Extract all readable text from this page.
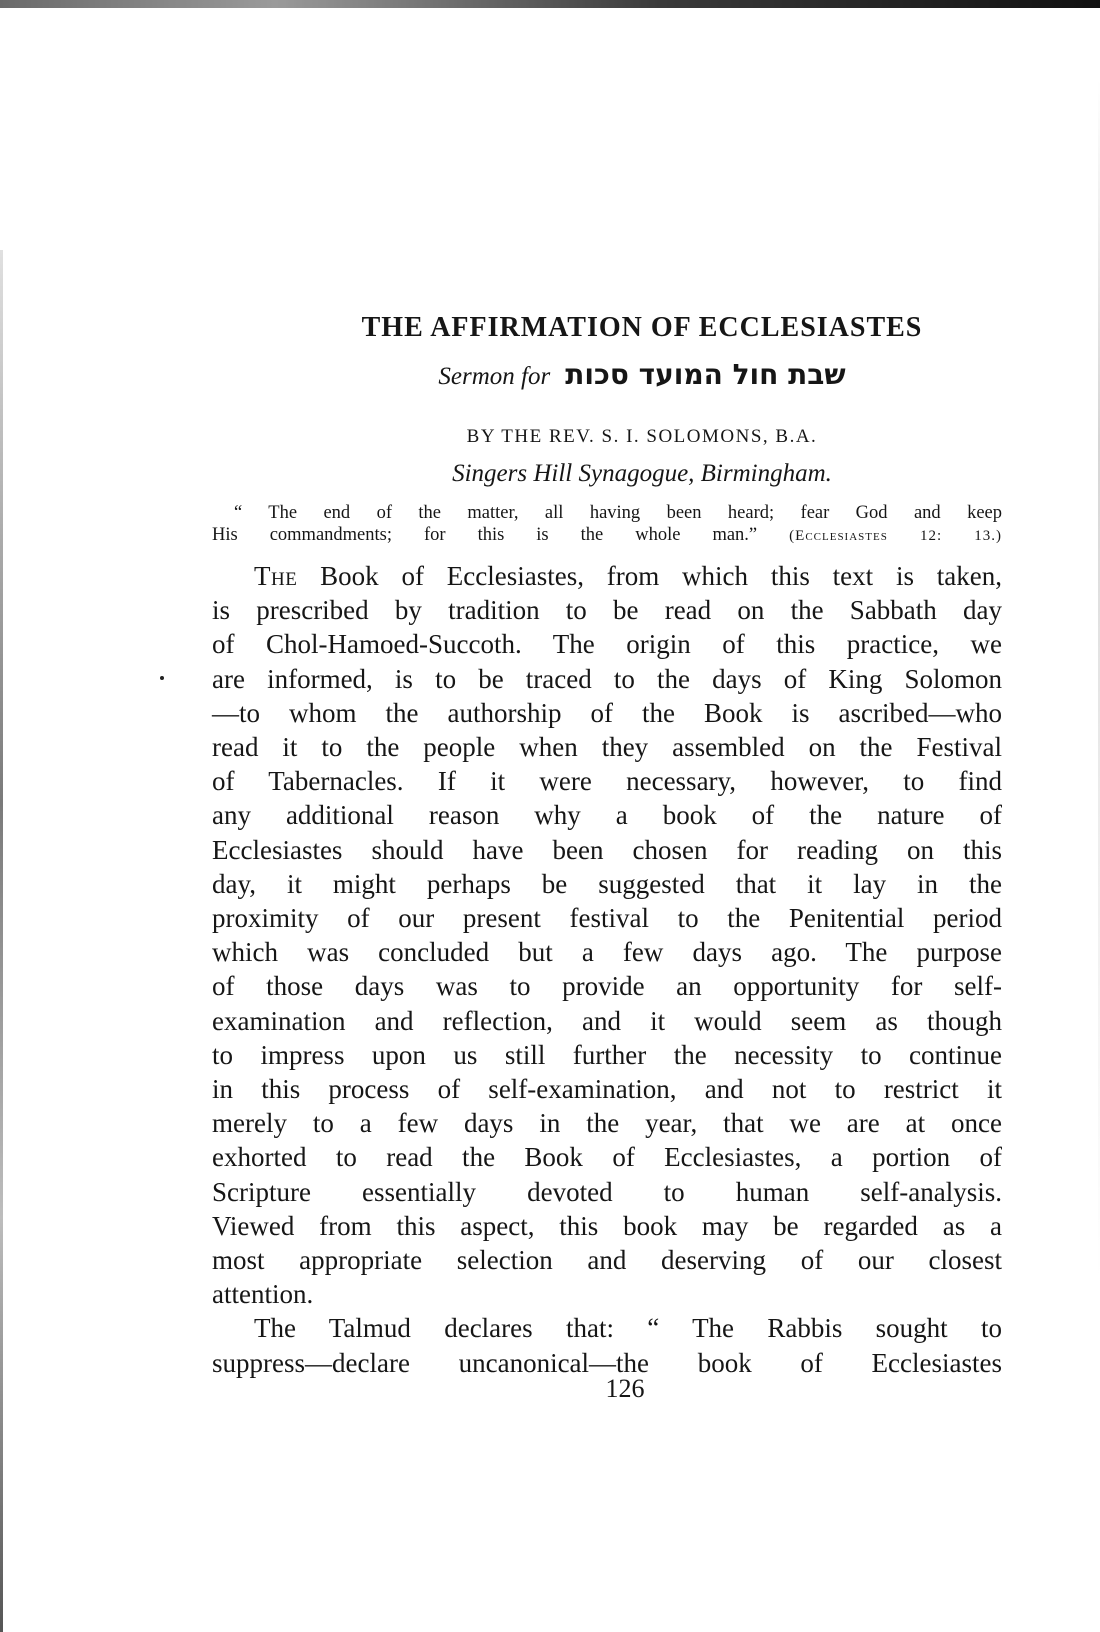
THE AFFIRMATION OF ECCLESIASTES

Sermon for שבת חול המועד סכות

BY THE REV. S. I. SOLOMONS, B.A.

Singers Hill Synagogue, Birmingham.

“ The end of the matter, all having been heard; fear God and keep
His commandments; for this is the whole man.” (Ecclesiastes 12: 13.)

The Book of Ecclesiastes, from which this text is taken,
is prescribed by tradition to be read on the Sabbath day
of Chol-Hamoed-Succoth. The origin of this practice, we
are informed, is to be traced to the days of King Solomon
—to whom the authorship of the Book is ascribed—who
read it to the people when they assembled on the Festival
of Tabernacles. If it were necessary, however, to find
any additional reason why a book of the nature of
Ecclesiastes should have been chosen for reading on this
day, it might perhaps be suggested that it lay in the
proximity of our present festival to the Penitential period
which was concluded but a few days ago. The purpose
of those days was to provide an opportunity for self-
examination and reflection, and it would seem as though
to impress upon us still further the necessity to continue
in this process of self-examination, and not to restrict it
merely to a few days in the year, that we are at once
exhorted to read the Book of Ecclesiastes, a portion of
Scripture essentially devoted to human self-analysis.
Viewed from this aspect, this book may be regarded as a
most appropriate selection and deserving of our closest
attention.
The Talmud declares that: “ The Rabbis sought to
suppress—declare uncanonical—the book of Ecclesiastes
126
